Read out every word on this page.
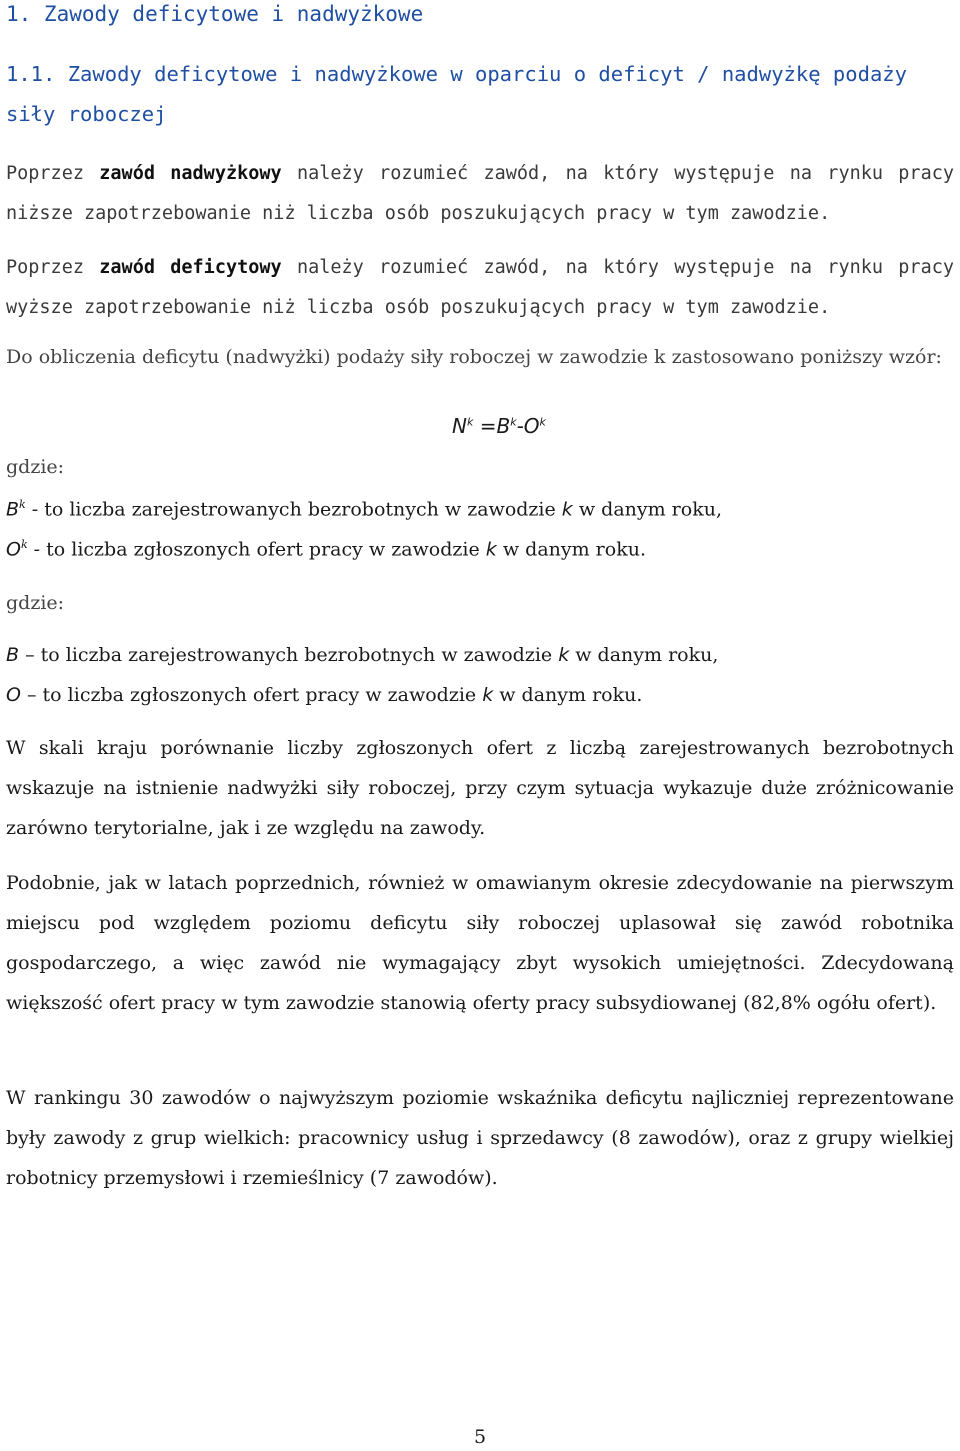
1. Zawody deficytowe i nadwyżkowe
1.1. Zawody deficytowe i nadwyżkowe w oparciu o deficyt / nadwyżkę podaży siły roboczej
Poprzez zawód nadwyżkowy należy rozumieć zawód, na który występuje na rynku pracy niższe zapotrzebowanie niż liczba osób poszukujących pracy w tym zawodzie.
Poprzez zawód deficytowy należy rozumieć zawód, na który występuje na rynku pracy wyższe zapotrzebowanie niż liczba osób poszukujących pracy w tym zawodzie.
Do obliczenia deficytu (nadwyżki) podaży siły roboczej w zawodzie k zastosowano poniższy wzór:
$N^k =B^k-O^k$
gdzie:
$B^k$ - to liczba zarejestrowanych bezrobotnych w zawodzie k w danym roku,
$O^k$ - to liczba zgłoszonych ofert pracy w zawodzie k w danym roku.
gdzie:
B – to liczba zarejestrowanych bezrobotnych w zawodzie k w danym roku,
O – to liczba zgłoszonych ofert pracy w zawodzie k w danym roku.
W skali kraju porównanie liczby zgłoszonych ofert z liczbą zarejestrowanych bezrobotnych wskazuje na istnienie nadwyżki siły roboczej, przy czym sytuacja wykazuje duże zróżnicowanie zarówno terytorialne, jak i ze względu na zawody.
Podobnie, jak w latach poprzednich, również w omawianym okresie zdecydowanie na pierwszym miejscu pod względem poziomu deficytu siły roboczej uplasował się zawód robotnika gospodarczego, a więc zawód nie wymagający zbyt wysokich umiejętności. Zdecydowaną większość ofert pracy w tym zawodzie stanowią oferty pracy subsydiowanej (82,8% ogółu ofert).
W rankingu 30 zawodów o najwyższym poziomie wskaźnika deficytu najliczniej reprezentowane były zawody z grup wielkich: pracownicy usług i sprzedawcy (8 zawodów), oraz z grupy wielkiej robotnicy przemysłowi i rzemieślnicy (7 zawodów).
5
